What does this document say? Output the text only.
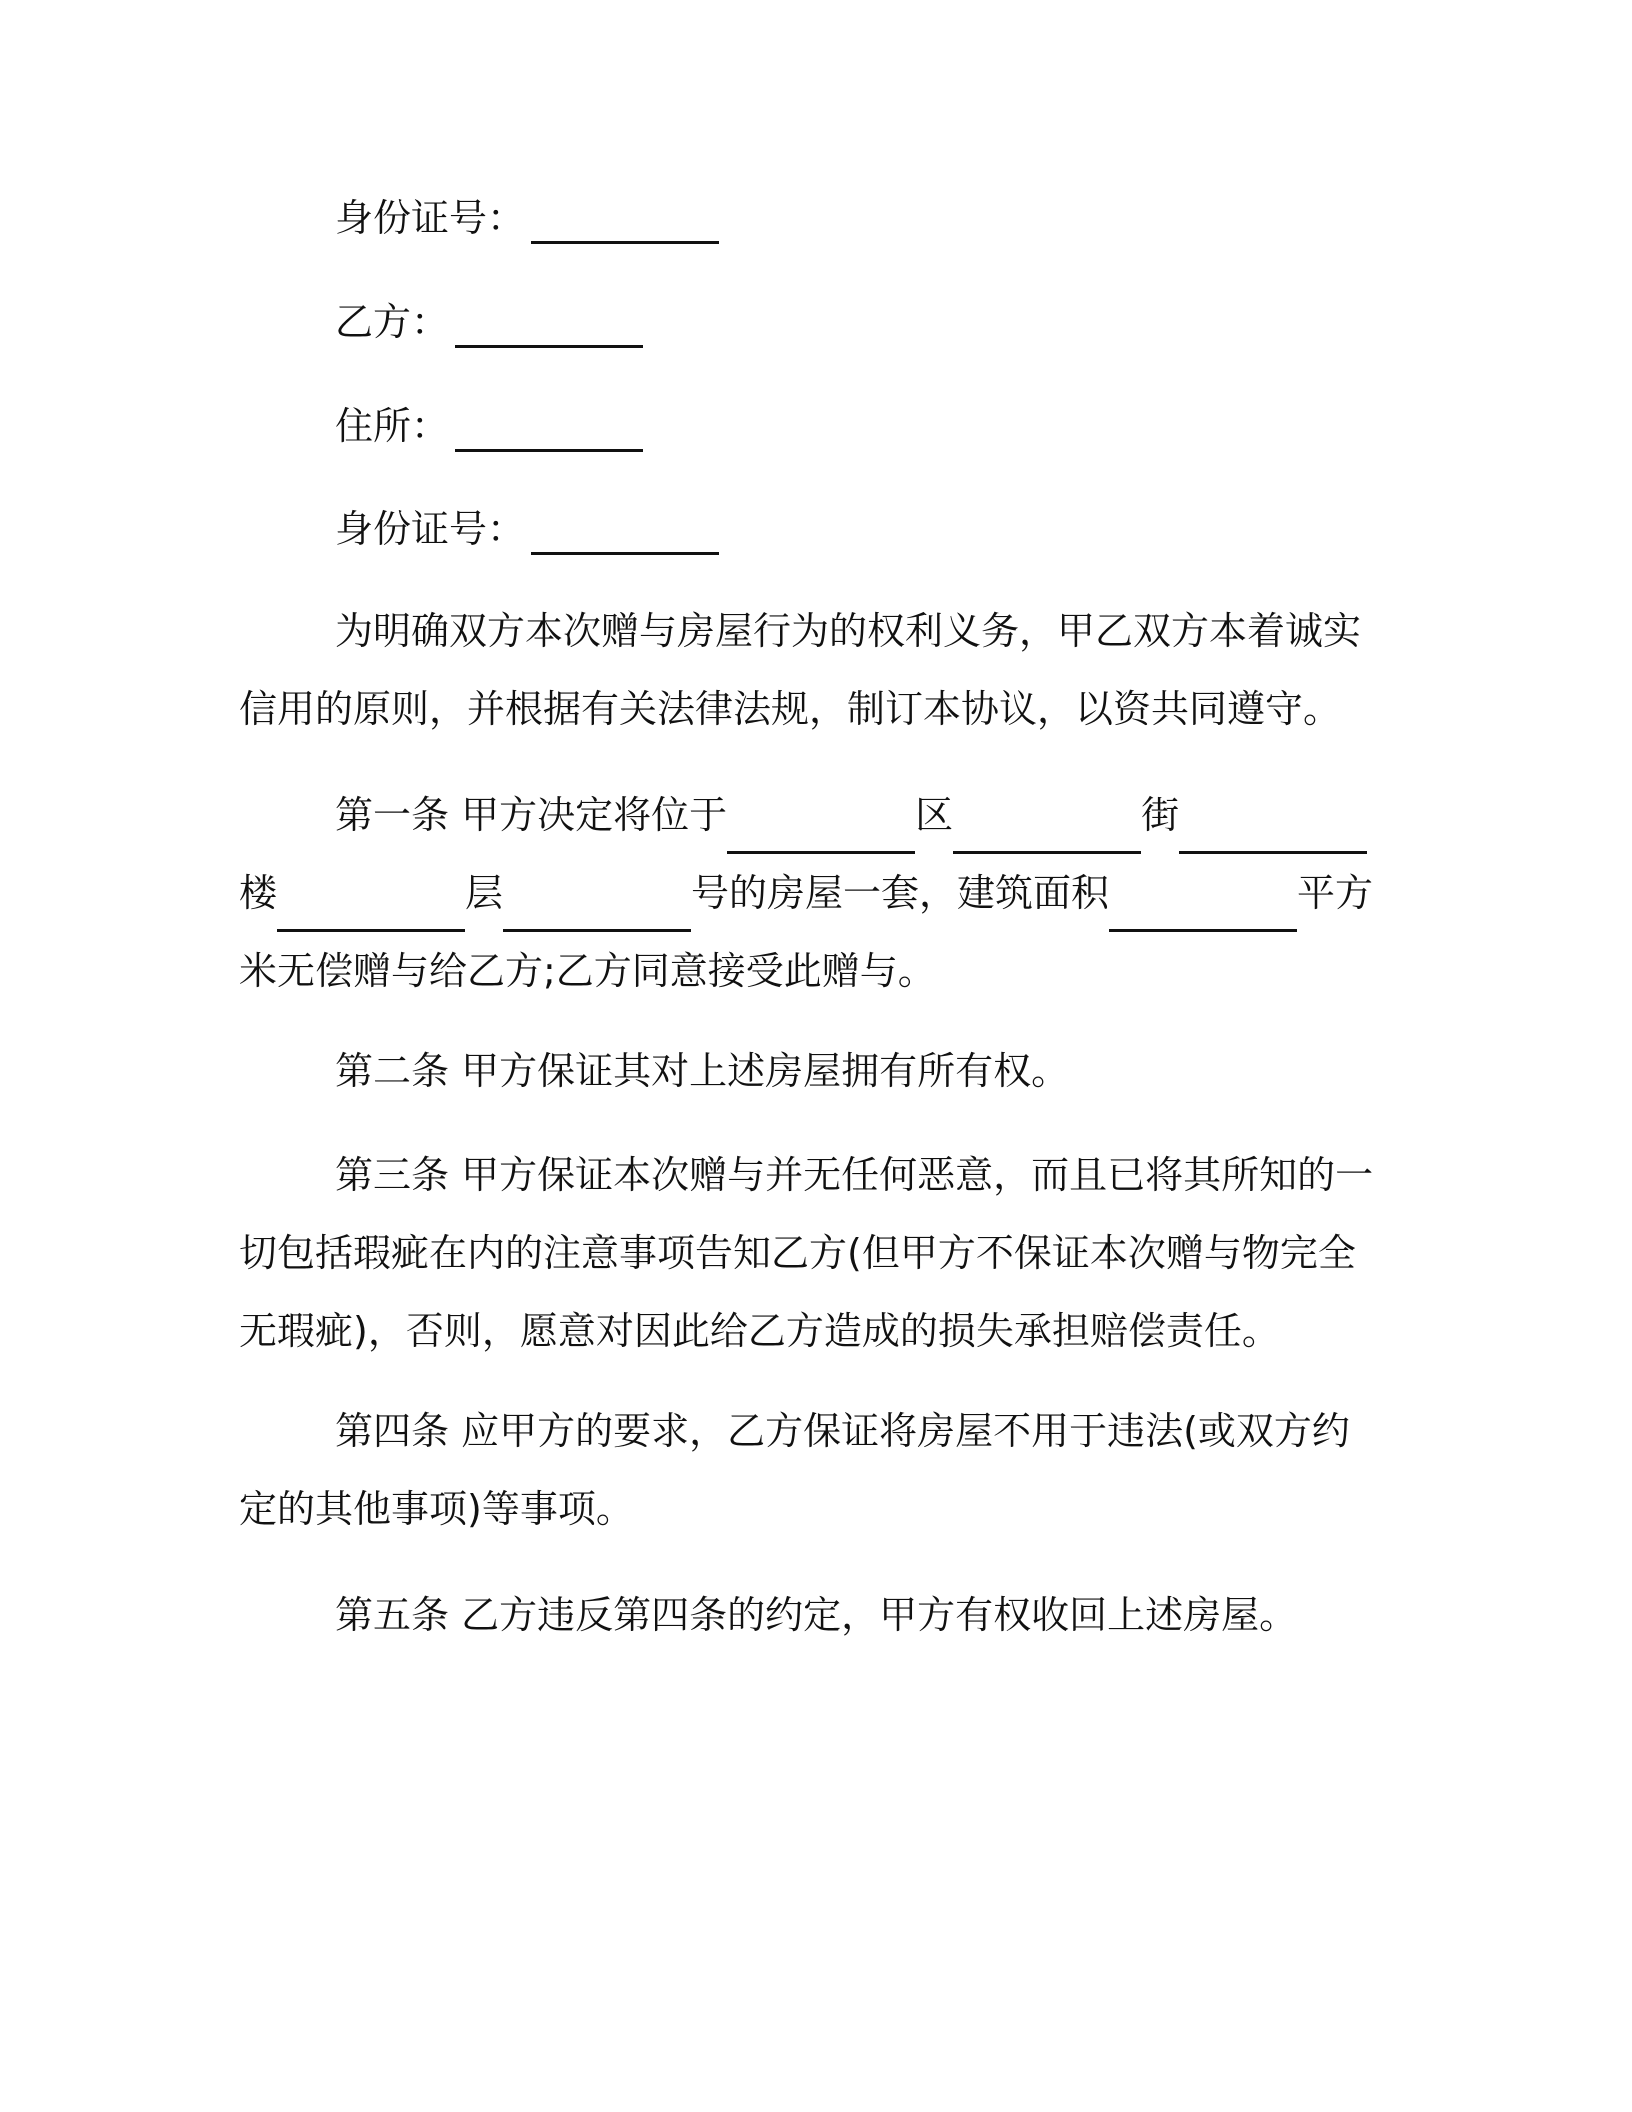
身份证号：
乙方：
住所：
身份证号：
为明确双方本次赠与房屋行为的权利义务，甲乙双方本着诚实信用的原则，并根据有关法律法规，制订本协议，以资共同遵守。
第一条 甲方决定将位于	区	街楼	层	号的房屋一套，建筑面积	平方米无偿赠与给乙方;乙方同意接受此赠与。
第二条 甲方保证其对上述房屋拥有所有权。
第三条 甲方保证本次赠与并无任何恶意，而且已将其所知的一切包括瑕疵在内的注意事项告知乙方(但甲方不保证本次赠与物完全无瑕疵)，否则，愿意对因此给乙方造成的损失承担赔偿责任。
第四条 应甲方的要求，乙方保证将房屋不用于违法(或双方约定的其他事项)等事项。
第五条 乙方违反第四条的约定，甲方有权收回上述房屋。
